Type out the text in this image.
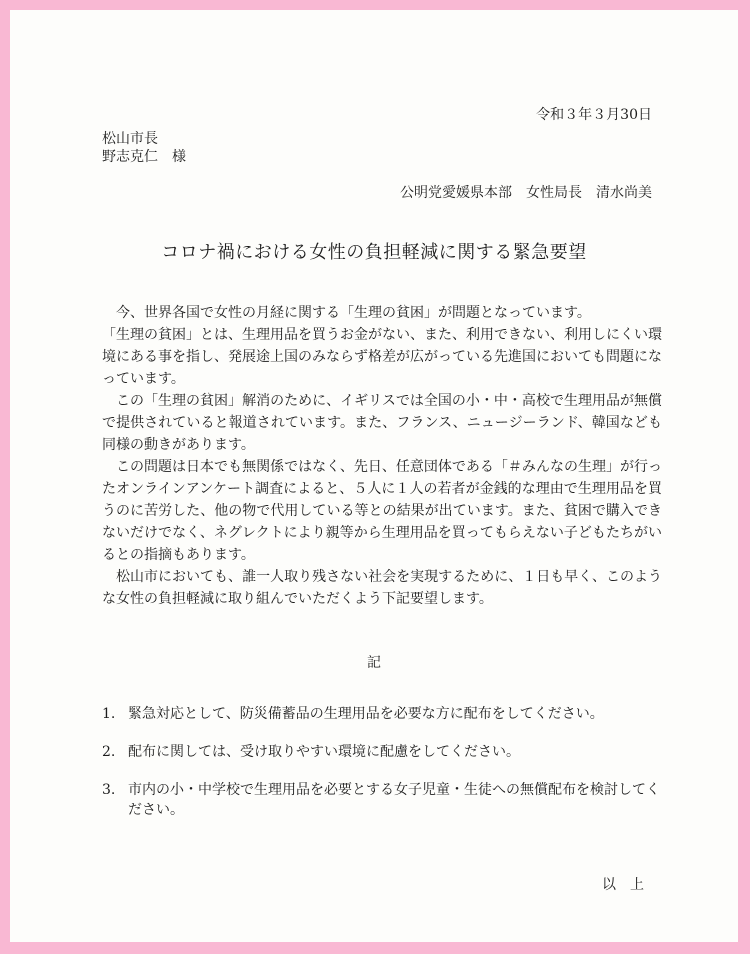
令和３年３月30日
松山市長
野志克仁　様
公明党愛媛県本部　女性局長　清水尚美
コロナ禍における女性の負担軽減に関する緊急要望

今、世界各国で女性の月経に関する「生理の貧困」が問題となっています。

「生理の貧困」とは、生理用品を買うお金がない、また、利用できない、利用しにくい環境にある事を指し、発展途上国のみならず格差が広がっている先進国においても問題になっています。

この「生理の貧困」解消のために、イギリスでは全国の小・中・高校で生理用品が無償で提供されていると報道されています。また、フランス、ニュージーランド、韓国なども同様の動きがあります。

この問題は日本でも無関係ではなく、先日、任意団体である「＃みんなの生理」が行ったオンラインアンケート調査によると、５人に１人の若者が金銭的な理由で生理用品を買うのに苦労した、他の物で代用している等との結果が出ています。また、貧困で購入できないだけでなく、ネグレクトにより親等から生理用品を買ってもらえない子どもたちがいるとの指摘もあります。

松山市においても、誰一人取り残さない社会を実現するために、１日も早く、このような女性の負担軽減に取り組んでいただくよう下記要望します。

記
1. 緊急対応として、防災備蓄品の生理用品を必要な方に配布をしてください。
2. 配布に関しては、受け取りやすい環境に配慮をしてください。
3. 市内の小・中学校で生理用品を必要とする女子児童・生徒への無償配布を検討してください。
以上
